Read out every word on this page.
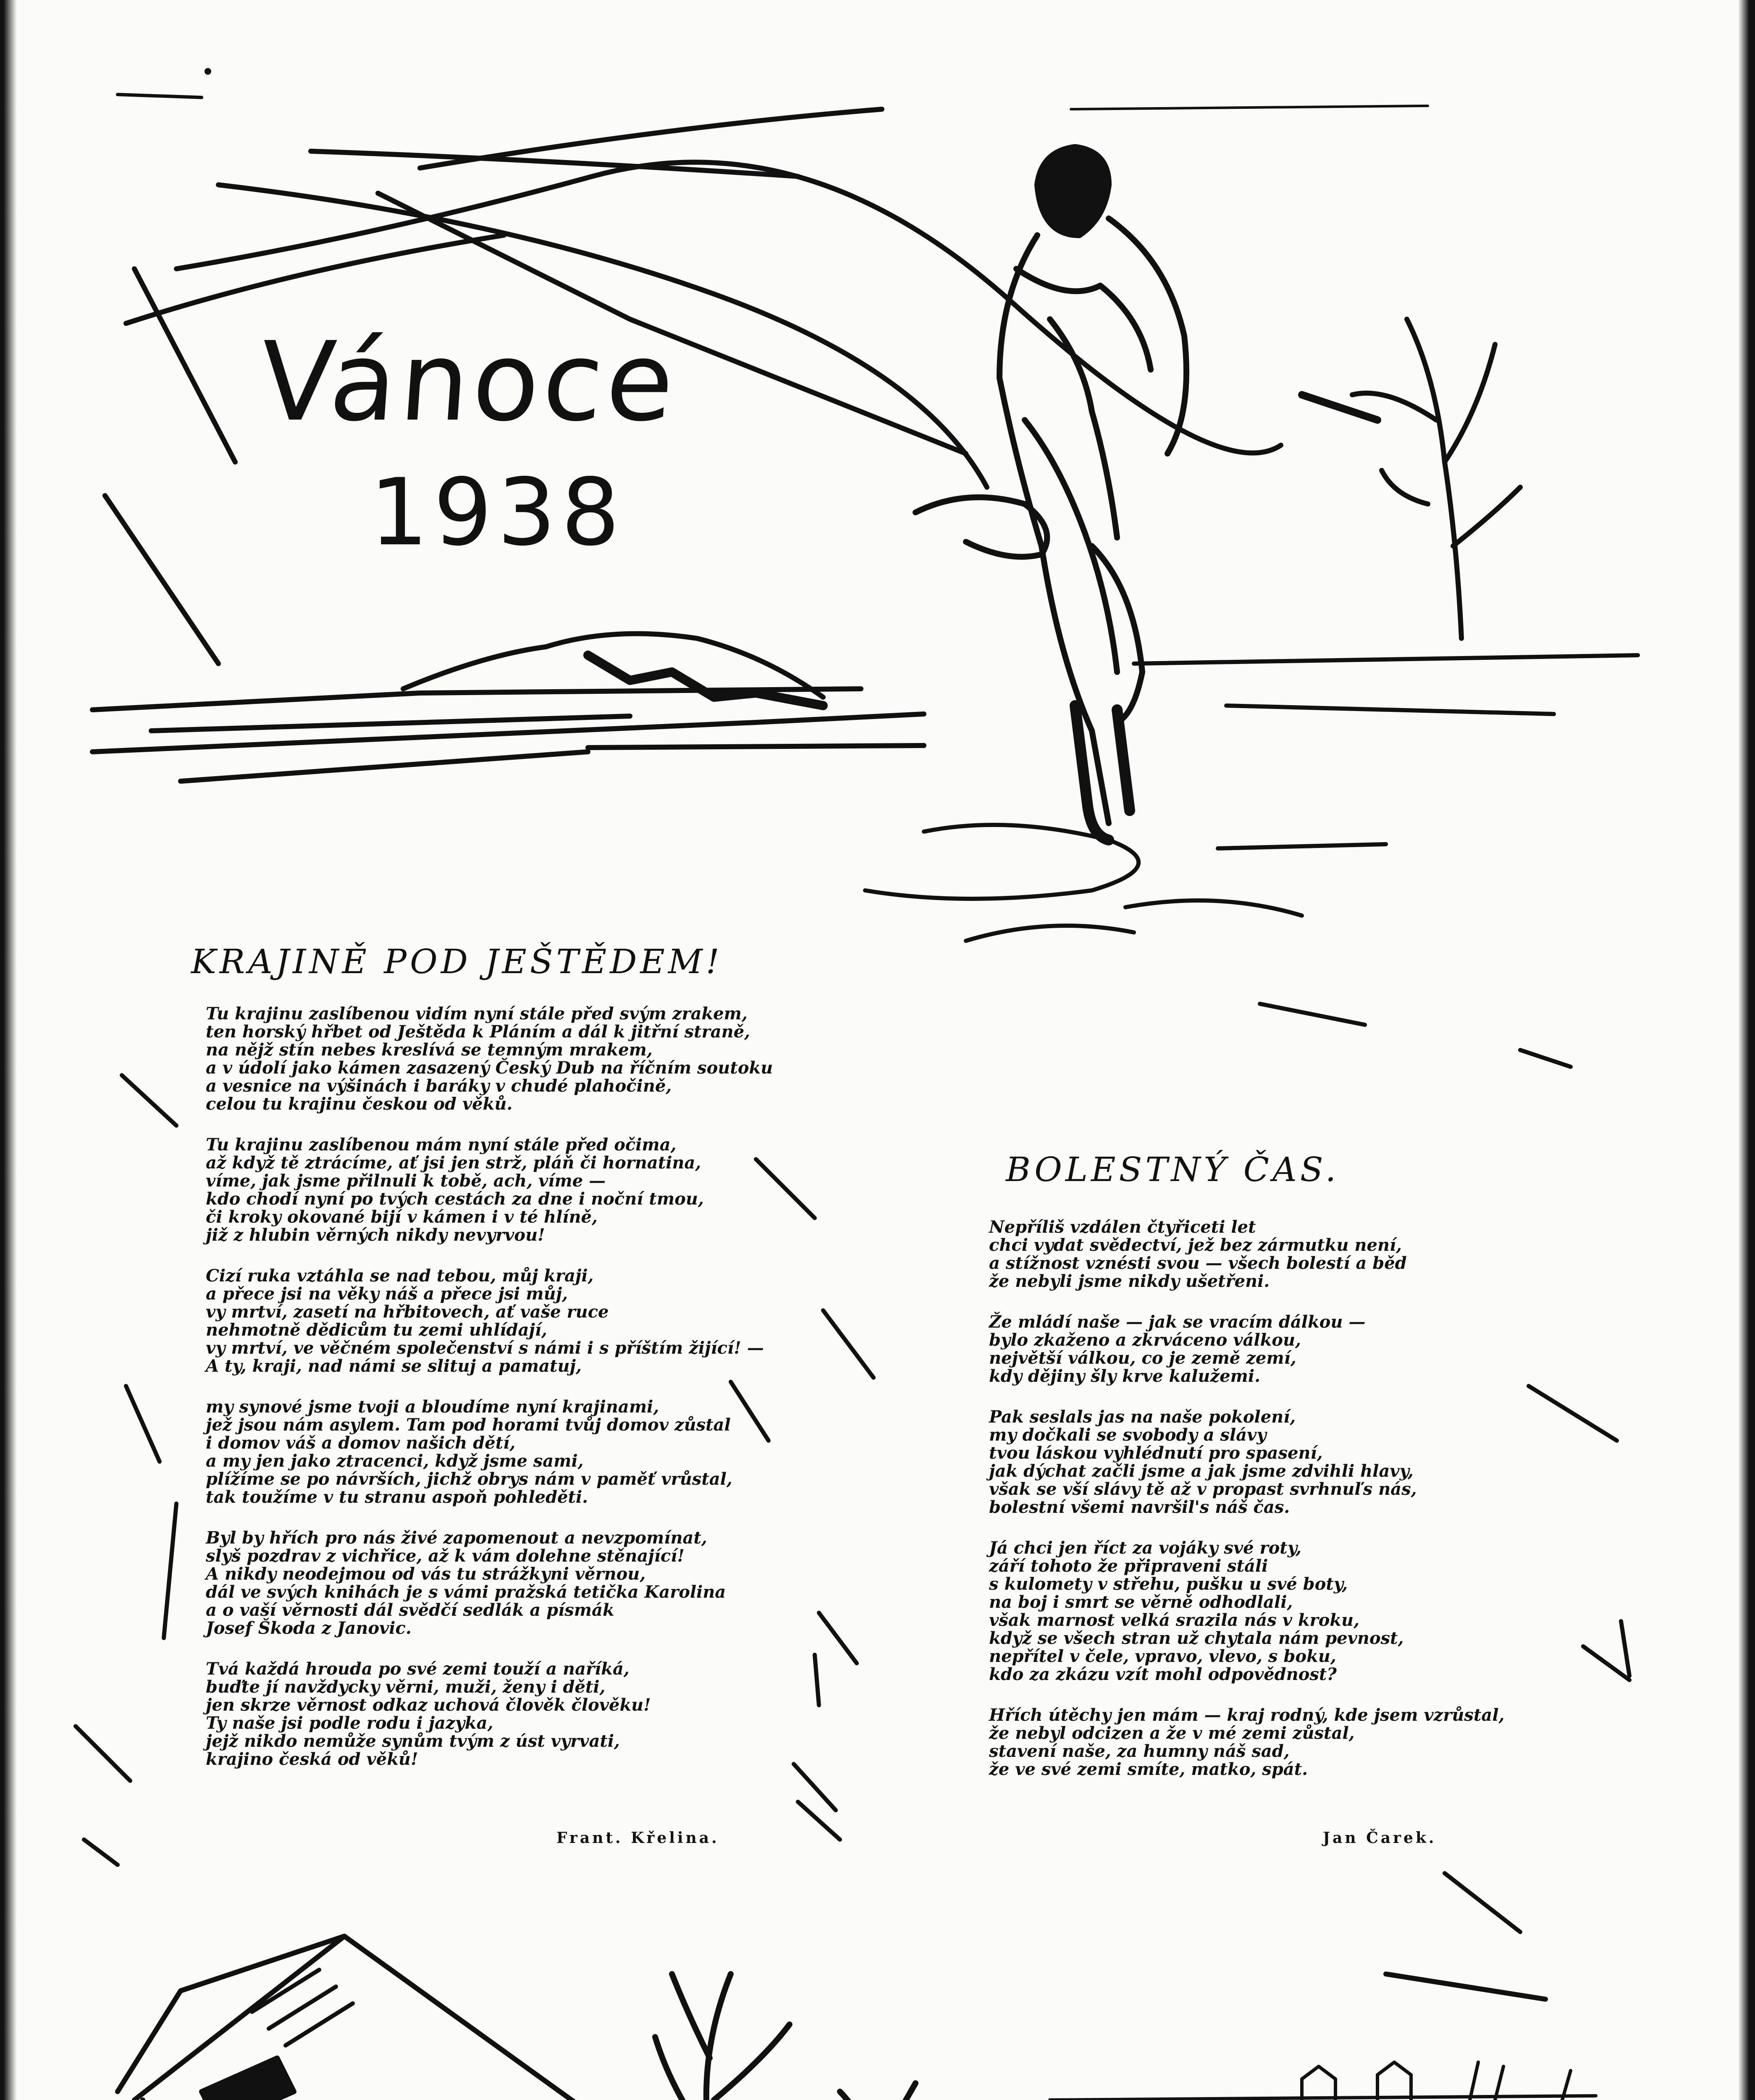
Vánoce
1938
KRAJINĚ POD JEŠTĚDEM!
Tu krajinu zaslíbenou vidím nyní stále před svým zrakem,
ten horský hřbet od Ještěda k Pláním a dál k jitřní straně,
na nějž stín nebes kreslívá se temným mrakem,
a v údolí jako kámen zasazený Český Dub na říčním soutoku
a vesnice na výšinách i baráky v chudé plahočině,
celou tu krajinu českou od věků.
Tu krajinu zaslíbenou mám nyní stále před očima,
až když tě ztrácíme, ať jsi jen strž, pláň či hornatina,
víme, jak jsme přilnuli k tobě, ach, víme —
kdo chodí nyní po tvých cestách za dne i noční tmou,
či kroky okované bijí v kámen i v té hlíně,
již z hlubin věrných nikdy nevyrvou!
Cizí ruka vztáhla se nad tebou, můj kraji,
a přece jsi na věky náš a přece jsi můj,
vy mrtví, zasetí na hřbitovech, ať vaše ruce
nehmotně dědicům tu zemi uhlídají,
vy mrtví, ve věčném společenství s námi i s příštím žijící! —
A ty, kraji, nad námi se slituj a pamatuj,
my synové jsme tvoji a bloudíme nyní krajinami,
jež jsou nám asylem. Tam pod horami tvůj domov zůstal
i domov váš a domov našich dětí,
a my jen jako ztracenci, když jsme sami,
plížíme se po návrších, jichž obrys nám v paměť vrůstal,
tak toužíme v tu stranu aspoň pohleděti.
Byl by hřích pro nás živé zapomenout a nevzpomínat,
slyš pozdrav z vichřice, až k vám dolehne stěnající!
A nikdy neodejmou od vás tu strážkyni věrnou,
dál ve svých knihách je s vámi pražská tetička Karolina
a o vaší věrnosti dál svědčí sedlák a písmák
Josef Škoda z Janovic.
Tvá každá hrouda po své zemi touží a naříká,
buďte jí navždycky věrni, muži, ženy i děti,
jen skrze věrnost odkaz uchová člověk člověku!
Ty naše jsi podle rodu i jazyka,
jejž nikdo nemůže synům tvým z úst vyrvati,
krajino česká od věků!
Frant. Křelina.
BOLESTNÝ ČAS.
Nepříliš vzdálen čtyřiceti let
chci vydat svědectví, jež bez zármutku není,
a stížnost vznésti svou — všech bolestí a běd
že nebyli jsme nikdy ušetřeni.
Že mládí naše — jak se vracím dálkou —
bylo zkaženo a zkrváceno válkou,
největší válkou, co je země zemí,
kdy dějiny šly krve kalužemi.
Pak seslals jas na naše pokolení,
my dočkali se svobody a slávy
tvou láskou vyhlédnutí pro spasení,
jak dýchat začli jsme a jak jsme zdvihli hlavy,
však se vší slávy tě až v propast svrhnuľs nás,
bolestní všemi navršil's náš čas.
Já chci jen říct za vojáky své roty,
září tohoto že připraveni stáli
s kulomety v střehu, pušku u své boty,
na boj i smrt se věrně odhodlali,
však marnost velká srazila nás v kroku,
když se všech stran už chytala nám pevnost,
nepřítel v čele, vpravo, vlevo, s boku,
kdo za zkázu vzít mohl odpovědnost?
Hřích útěchy jen mám — kraj rodný, kde jsem vzrůstal,
že nebyl odcizen a že v mé zemi zůstal,
stavení naše, za humny náš sad,
že ve své zemi smíte, matko, spát.
Jan Čarek.
